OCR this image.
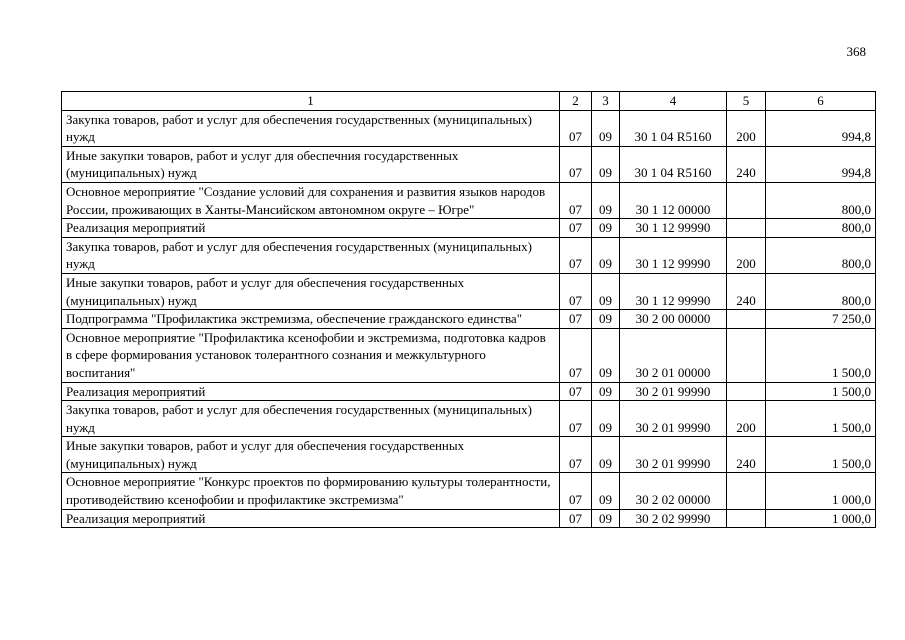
368
1	2	3	4	5	6
Закупка товаров, работ и услуг для обеспечения государственных (муниципальных) нужд	07	09	30 1 04 R5160	200	994,8
Иные закупки товаров, работ и услуг для обеспечния государственных (муниципальных) нужд	07	09	30 1 04 R5160	240	994,8
Основное мероприятие "Создание условий для сохранения и развития языков народов России, проживающих в Ханты-Мансийском автономном округе – Югре"	07	09	30 1 12 00000		800,0
Реализация мероприятий	07	09	30 1 12 99990		800,0
Закупка товаров, работ и услуг для обеспечения государственных (муниципальных) нужд	07	09	30 1 12 99990	200	800,0
Иные закупки товаров, работ и услуг для обеспечения государственных (муниципальных) нужд	07	09	30 1 12 99990	240	800,0
Подпрограмма "Профилактика экстремизма, обеспечение гражданского единства"	07	09	30 2 00 00000		7 250,0
Основное мероприятие "Профилактика ксенофобии и экстремизма, подготовка кадров в сфере формирования установок толерантного сознания и межкультурного воспитания"	07	09	30 2 01 00000		1 500,0
Реализация мероприятий	07	09	30 2 01 99990		1 500,0
Закупка товаров, работ и услуг для обеспечения государственных (муниципальных) нужд	07	09	30 2 01 99990	200	1 500,0
Иные закупки товаров, работ и услуг для обеспечения государственных (муниципальных) нужд	07	09	30 2 01 99990	240	1 500,0
Основное мероприятие "Конкурс проектов по формированию культуры толерантности, противодействию ксенофобии и профилактике экстремизма"	07	09	30 2 02 00000		1 000,0
Реализация мероприятий	07	09	30 2 02 99990		1 000,0
